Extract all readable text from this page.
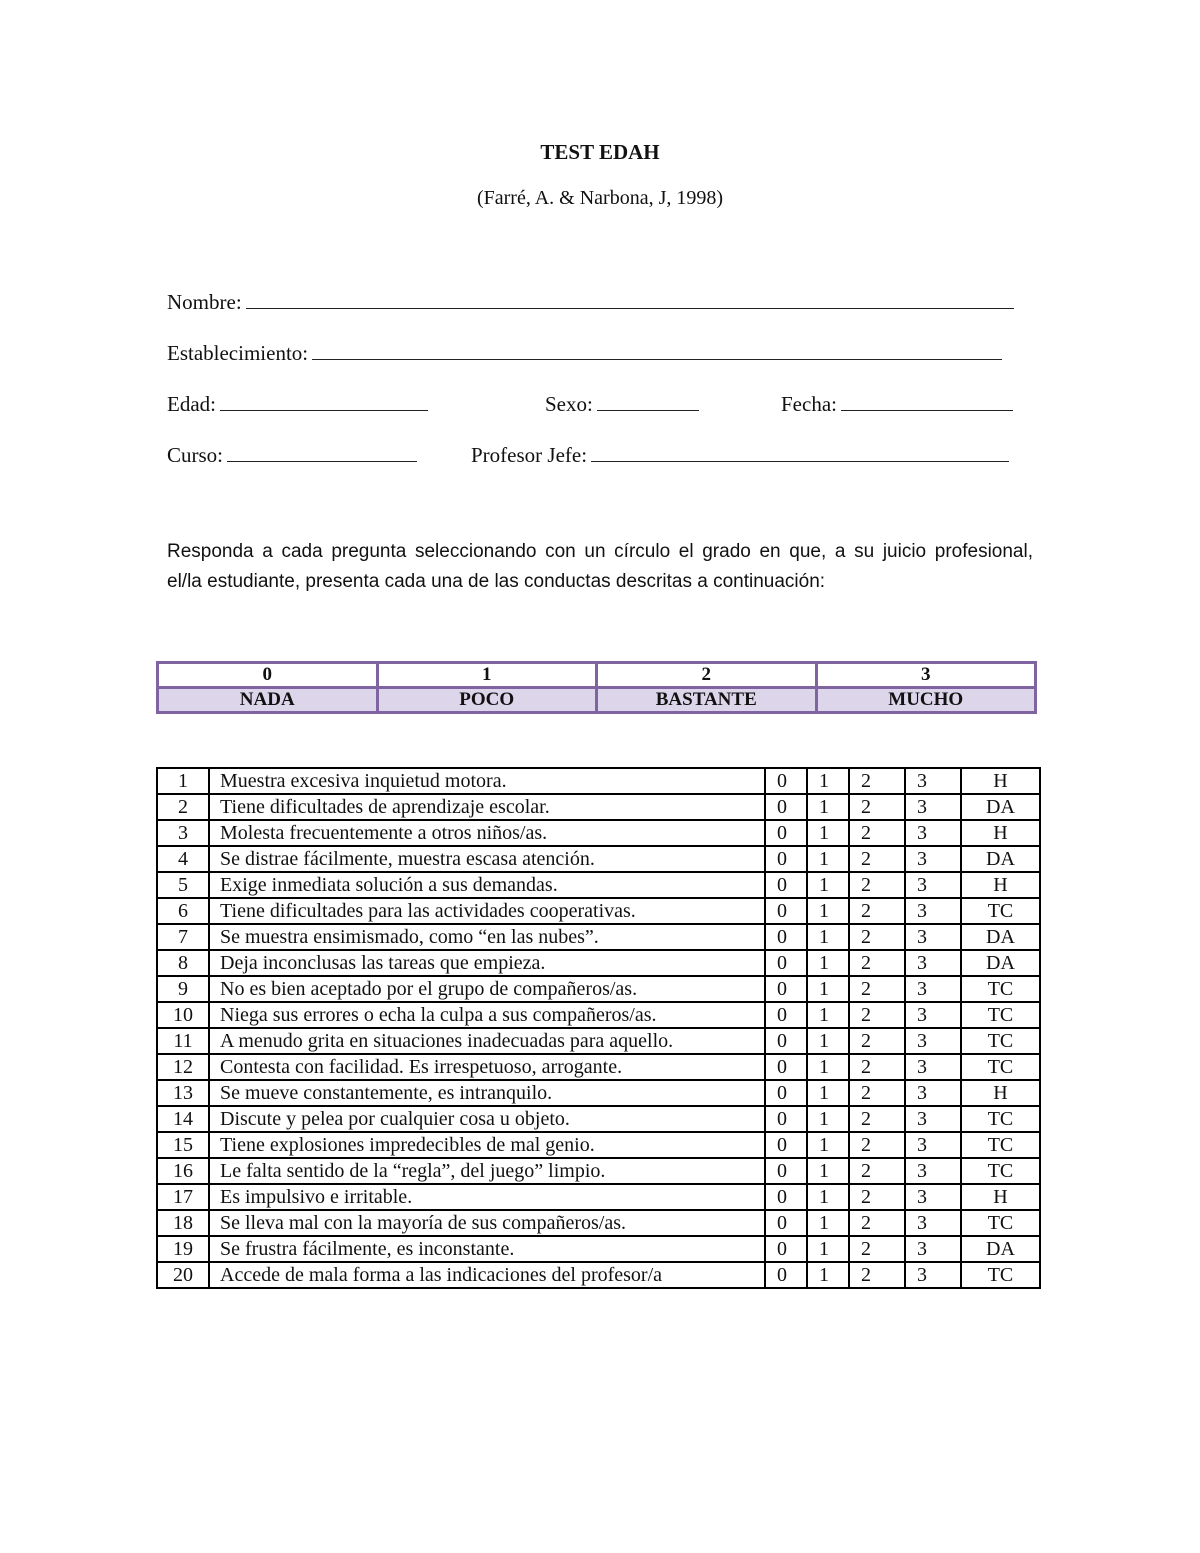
TEST EDAH
(Farré, A. & Narbona, J, 1998)
Nombre:
Establecimiento:
Edad:	Sexo:	Fecha:
Curso:	Profesor Jefe:
Responda a cada pregunta seleccionando con un círculo el grado en que, a su juicio profesional,
el/la estudiante, presenta cada una de las conductas descritas a continuación:
0	1	2	3
NADA	POCO	BASTANTE	MUCHO
1	Muestra excesiva inquietud motora.	0	1	2	3	H
2	Tiene dificultades de aprendizaje escolar.	0	1	2	3	DA
3	Molesta frecuentemente a otros niños/as.	0	1	2	3	H
4	Se distrae fácilmente, muestra escasa atención.	0	1	2	3	DA
5	Exige inmediata solución a sus demandas.	0	1	2	3	H
6	Tiene dificultades para las actividades cooperativas.	0	1	2	3	TC
7	Se muestra ensimismado, como “en las nubes”.	0	1	2	3	DA
8	Deja inconclusas las tareas que empieza.	0	1	2	3	DA
9	No es bien aceptado por el grupo de compañeros/as.	0	1	2	3	TC
10	Niega sus errores o echa la culpa a sus compañeros/as.	0	1	2	3	TC
11	A menudo grita en situaciones inadecuadas para aquello.	0	1	2	3	TC
12	Contesta con facilidad. Es irrespetuoso, arrogante.	0	1	2	3	TC
13	Se mueve constantemente, es intranquilo.	0	1	2	3	H
14	Discute y pelea por cualquier cosa u objeto.	0	1	2	3	TC
15	Tiene explosiones impredecibles de mal genio.	0	1	2	3	TC
16	Le falta sentido de la “regla”, del juego” limpio.	0	1	2	3	TC
17	Es impulsivo e irritable.	0	1	2	3	H
18	Se lleva mal con la mayoría de sus compañeros/as.	0	1	2	3	TC
19	Se frustra fácilmente, es inconstante.	0	1	2	3	DA
20	Accede de mala forma a las indicaciones del profesor/a	0	1	2	3	TC
